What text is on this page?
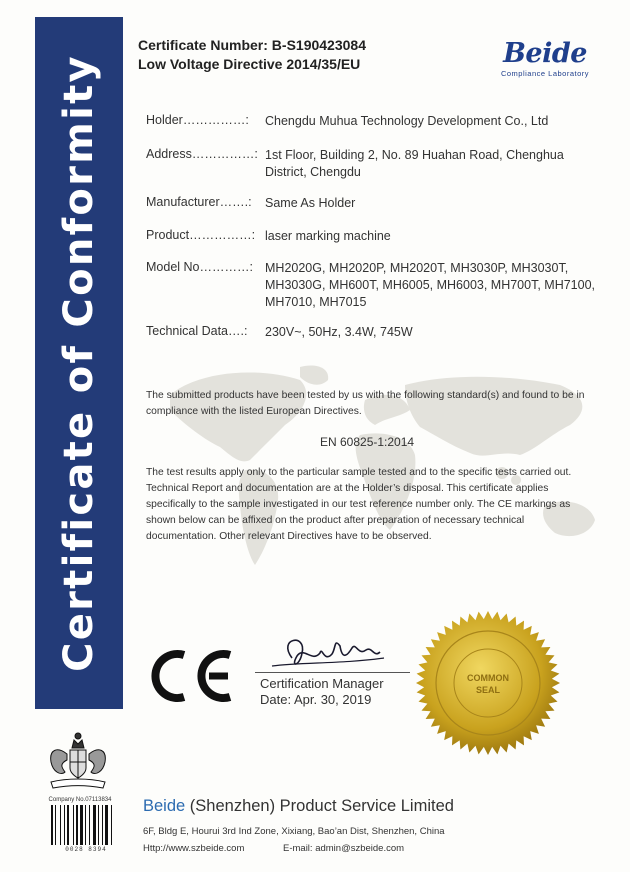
Certificate of Conformity
Certificate Number: B-S190423084
Low Voltage Directive 2014/35/EU	Beide
Compliance Laboratory
Holder……………: Chengdu Muhua Technology Development Co., Ltd
Address……………: 1st Floor, Building 2, No. 89 Huahan Road, Chenghua District, Chengdu
Manufacturer…….: Same As Holder
Product……………: laser marking machine
Model No…………: MH2020G, MH2020P, MH2020T, MH3030P, MH3030T, MH3030G, MH600T, MH6005, MH6003, MH700T, MH7100, MH7010, MH7015
Technical Data….: 230V~, 50Hz, 3.4W, 745W
The submitted products have been tested by us with the following standard(s) and found to be in compliance with the listed European Directives.
EN 60825-1:2014
The test results apply only to the particular sample tested and to the specific tests carried out. Technical Report and documentation are at the Holder’s disposal. This certificate applies specifically to the sample investigated in our test reference number only. The CE markings as shown below can be affixed on the product after preparation of necessary technical documentation. Other relevant Directives have to be observed.
Certification Manager
Date: Apr. 30, 2019
COMMON
SEAL
Company No.07113834
0028 8394
Beide (Shenzhen) Product Service Limited
6F, Bldg E, Hourui 3rd Ind Zone, Xixiang, Bao’an Dist, Shenzhen, China
Http://www.szbeide.com	E-mail: admin@szbeide.com
